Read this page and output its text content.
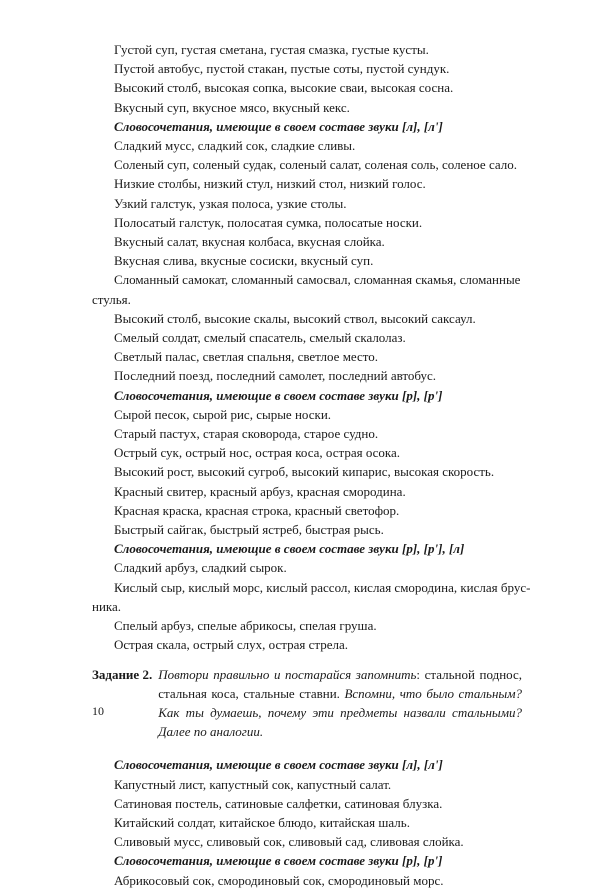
Густой суп, густая сметана, густая смазка, густые кусты.

Пустой автобус, пустой стакан, пустые соты, пустой сундук.

Высокий столб, высокая сопка, высокие сваи, высокая сосна.

Вкусный суп, вкусное мясо, вкусный кекс.

Словосочетания, имеющие в своем составе звуки [л], [л']

Сладкий мусс, сладкий сок, сладкие сливы.

Соленый суп, соленый судак, соленый салат, соленая соль, соленое сало.

Низкие столбы, низкий стул, низкий стол, низкий голос.

Узкий галстук, узкая полоса, узкие столы.

Полосатый галстук, полосатая сумка, полосатые носки.

Вкусный салат, вкусная колбаса, вкусная слойка.

Вкусная слива, вкусные сосиски, вкусный суп.

Сломанный самокат, сломанный самосвал, сломанная скамья, сломанные

стулья.

Высокий столб, высокие скалы, высокий ствол, высокий саксаул.

Смелый солдат, смелый спасатель, смелый скалолаз.

Светлый палас, светлая спальня, светлое место.

Последний поезд, последний самолет, последний автобус.

Словосочетания, имеющие в своем составе звуки [р], [р']

Сырой песок, сырой рис, сырые носки.

Старый пастух, старая сковорода, старое судно.

Острый сук, острый нос, острая коса, острая осока.

Высокий рост, высокий сугроб, высокий кипарис, высокая скорость.

Красный свитер, красный арбуз, красная смородина.

Красная краска, красная строка, красный светофор.

Быстрый сайгак, быстрый ястреб, быстрая рысь.

Словосочетания, имеющие в своем составе звуки [р], [р'], [л]

Сладкий арбуз, сладкий сырок.

Кислый сыр, кислый морс, кислый рассол, кислая смородина, кислая брус-

ника.

Спелый арбуз, спелые абрикосы, спелая груша.

Острая скала, острый слух, острая стрела.

Задание 2. Повтори правильно и постарайся запомнить: стальной поднос, стальная коса, стальные ставни. Вспомни, что было стальным? Как ты думаешь, почему эти предметы назвали стальными? Далее по аналогии.

Словосочетания, имеющие в своем составе звуки [л], [л']

Капустный лист, капустный сок, капустный салат.

Сатиновая постель, сатиновые салфетки, сатиновая блузка.

Китайский солдат, китайское блюдо, китайская шаль.

Сливовый мусс, сливовый сок, сливовый сад, сливовая слойка.

Словосочетания, имеющие в своем составе звуки [р], [р']

Абрикосовый сок, смородиновый сок, смородиновый морс.

10
